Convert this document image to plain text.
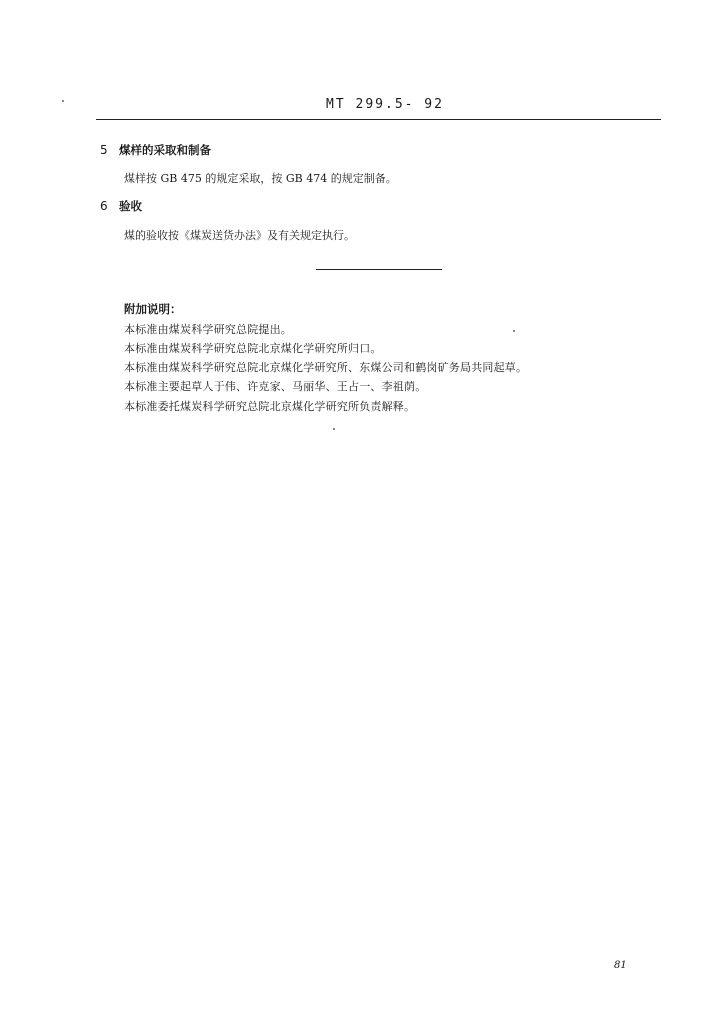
MT 299.5- 92
5 煤样的采取和制备
煤样按 GB 475 的规定采取，按 GB 474 的规定制备。
6 验收
煤的验收按《煤炭送货办法》及有关规定执行。
附加说明：
本标准由煤炭科学研究总院提出。
本标准由煤炭科学研究总院北京煤化学研究所归口。
本标准由煤炭科学研究总院北京煤化学研究所、东煤公司和鹤岗矿务局共同起草。
本标准主要起草人于伟、许克家、马丽华、王占一、李祖荫。
本标准委托煤炭科学研究总院北京煤化学研究所负责解释。
81
